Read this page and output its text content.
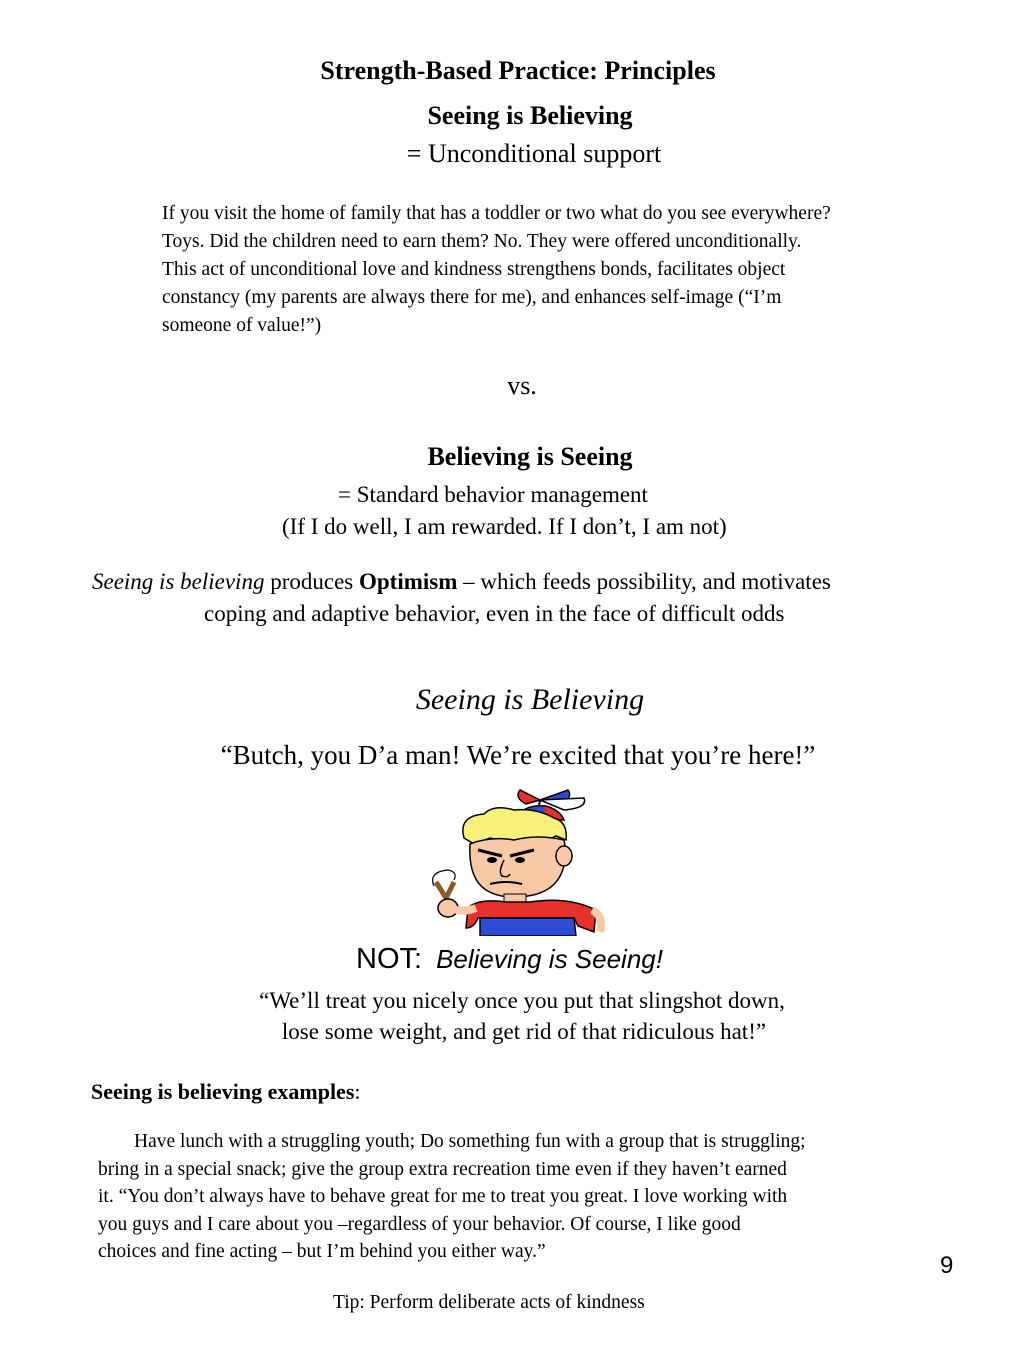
Strength-Based Practice: Principles
Seeing is Believing
= Unconditional support
If you visit the home of family that has a toddler or two what do you see everywhere?
Toys. Did the children need to earn them? No. They were offered unconditionally.
This act of unconditional love and kindness strengthens bonds, facilitates object
constancy (my parents are always there for me), and enhances self-image (“I’m
someone of value!”)
vs.
Believing is Seeing
= Standard behavior management
(If I do well, I am rewarded. If I don’t, I am not)
Seeing is believing produces Optimism – which feeds possibility, and motivates
coping and adaptive behavior, even in the face of difficult odds
Seeing is Believing
“Butch, you D’a man! We’re excited that you’re here!”
NOT: Believing is Seeing!
“We’ll treat you nicely once you put that slingshot down,
lose some weight, and get rid of that ridiculous hat!”
Seeing is believing examples:
Have lunch with a struggling youth; Do something fun with a group that is struggling;
bring in a special snack; give the group extra recreation time even if they haven’t earned
it. “You don’t always have to behave great for me to treat you great. I love working with
you guys and I care about you –regardless of your behavior. Of course, I like good
choices and fine acting – but I’m behind you either way.”
9
Tip: Perform deliberate acts of kindness
